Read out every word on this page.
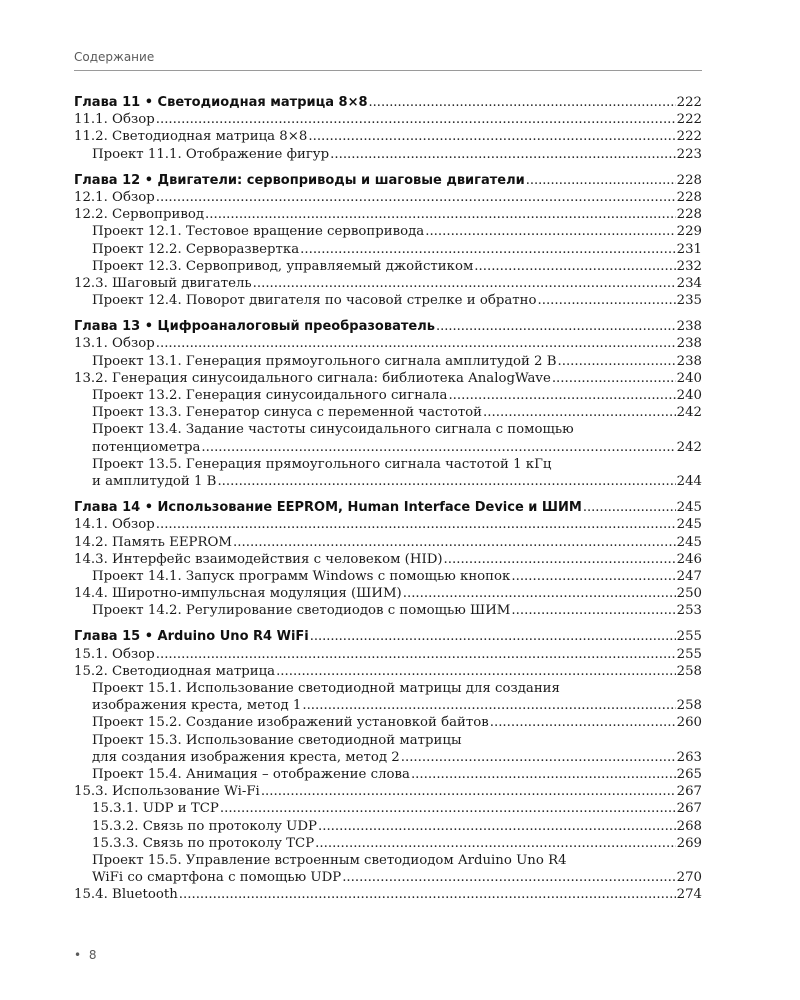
Содержание
Глава 11 • Светодиодная матрица 8×8 .....	222
11.1. Обзор .....	222
11.2. Светодиодная матрица 8×8 .....	222
Проект 11.1. Отображение фигур .....	223
Глава 12 • Двигатели: сервоприводы и шаговые двигатели .....	228
12.1. Обзор .....	228
12.2. Сервопривод .....	228
Проект 12.1. Тестовое вращение сервопривода .....	229
Проект 12.2. Серворазвертка .....	231
Проект 12.3. Сервопривод, управляемый джойстиком .....	232
12.3. Шаговый двигатель .....	234
Проект 12.4. Поворот двигателя по часовой стрелке и обратно .....	235
Глава 13 • Цифроаналоговый преобразователь .....	238
13.1. Обзор .....	238
Проект 13.1. Генерация прямоугольного сигнала амплитудой 2 В .....	238
13.2. Генерация синусоидального сигнала: библиотека AnalogWave .....	240
Проект 13.2. Генерация синусоидального сигнала .....	240
Проект 13.3. Генератор синуса с переменной частотой .....	242
Проект 13.4. Задание частоты синусоидального сигнала с помощью
потенциометра .....	242
Проект 13.5. Генерация прямоугольного сигнала частотой 1 кГц
и амплитудой 1 В .....	244
Глава 14 • Использование EEPROM, Human Interface Device и ШИМ .....	245
14.1. Обзор .....	245
14.2. Память EEPROM .....	245
14.3. Интерфейс взаимодействия с человеком (HID) .....	246
Проект 14.1. Запуск программ Windows с помощью кнопок .....	247
14.4. Широтно-импульсная модуляция (ШИМ) .....	250
Проект 14.2. Регулирование светодиодов с помощью ШИМ .....	253
Глава 15 • Arduino Uno R4 WiFi .....	255
15.1. Обзор .....	255
15.2. Светодиодная матрица .....	258
Проект 15.1. Использование светодиодной матрицы для создания
изображения креста, метод 1 .....	258
Проект 15.2. Создание изображений установкой байтов .....	260
Проект 15.3. Использование светодиодной матрицы
для создания изображения креста, метод 2 .....	263
Проект 15.4. Анимация – отображение слова .....	265
15.3. Использование Wi-Fi .....	267
15.3.1. UDP и TCP .....	267
15.3.2. Связь по протоколу UDP .....	268
15.3.3. Связь по протоколу TCP .....	269
Проект 15.5. Управление встроенным светодиодом Arduino Uno R4
WiFi со смартфона с помощью UDP .....	270
15.4. Bluetooth .....	274
• 8
